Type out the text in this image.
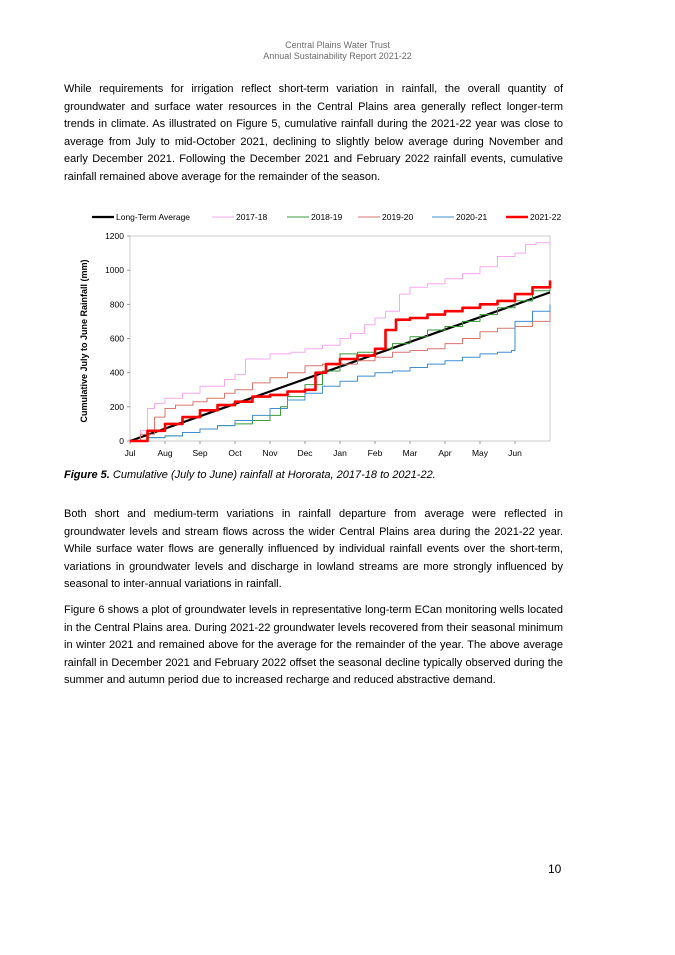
Central Plains Water Trust
Annual Sustainability Report 2021-22

While requirements for irrigation reflect short-term variation in rainfall, the overall quantity of groundwater and surface water resources in the Central Plains area generally reflect longer-term trends in climate. As illustrated on Figure 5, cumulative rainfall during the 2021-22 year was close to average from July to mid-October 2021, declining to slightly below average during November and early December 2021. Following the December 2021 and February 2022 rainfall events, cumulative rainfall remained above average for the remainder of the season.

Long-Term Average	2017-18	2018-19	2019-20	2020-21	2021-22
Cumulative July to June Rainfall (mm)
0
200
400
600
800
1000
1200
Jul	Aug Sep Oct Nov Dec Jan Feb Mar Apr May Jun
Figure 5. Cumulative (July to June) rainfall at Hororata, 2017-18 to 2021-22.

Both short and medium-term variations in rainfall departure from average were reflected in groundwater levels and stream flows across the wider Central Plains area during the 2021-22 year. While surface water flows are generally influenced by individual rainfall events over the short-term, variations in groundwater levels and discharge in lowland streams are more strongly influenced by seasonal to inter-annual variations in rainfall.

Figure 6 shows a plot of groundwater levels in representative long-term ECan monitoring wells located in the Central Plains area. During 2021-22 groundwater levels recovered from their seasonal minimum in winter 2021 and remained above for the average for the remainder of the year. The above average rainfall in December 2021 and February 2022 offset the seasonal decline typically observed during the summer and autumn period due to increased recharge and reduced abstractive demand.

10
